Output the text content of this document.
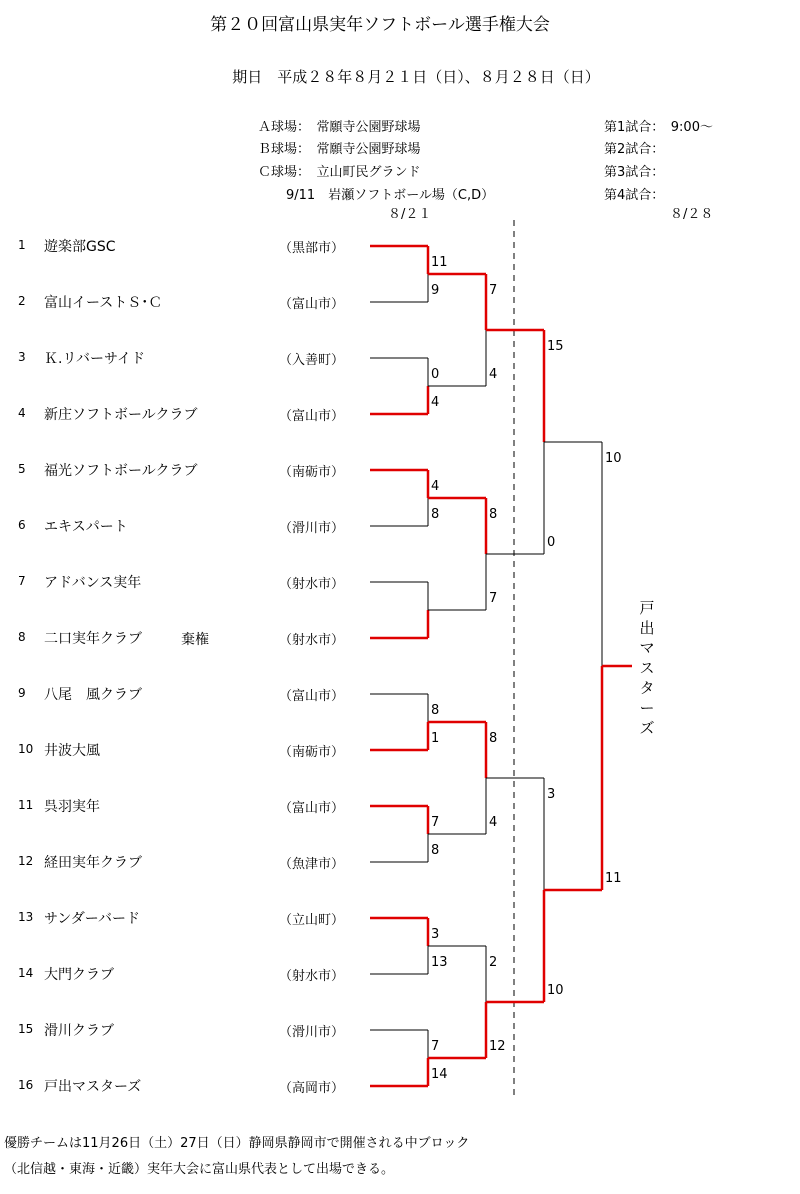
第２０回富山県実年ソフトボール選手権大会
期日　平成２８年８月２１日（日）、８月２８日（日）
Ａ球場：　常願寺公園野球場
Ｂ球場：　常願寺公園野球場
Ｃ球場：　立山町民グランド
9/11　岩瀬ソフトボール場（C,D）
第1試合：　9:00～
第2試合：
第3試合：
第4試合：
８/２１	８/２８
1 遊楽部GSC	（黒部市）
2 富山イーストＳ･Ｃ	（富山市）
3 Ｋ.リバーサイド	（入善町）
4 新庄ソフトボールクラブ	（富山市）
5 福光ソフトボールクラブ	（南砺市）
6 エキスパート	（滑川市）
7 アドバンス実年	（射水市）
8 二口実年クラブ	（射水市）
9 八尾　風クラブ	（富山市）
10 井波大風	（南砺市）
11 呉羽実年	（富山市）
12 経田実年クラブ	（魚津市）
13 サンダーバード	（立山町）
14 大門クラブ	（射水市）
15 滑川クラブ	（滑川市）
16 戸出マスターズ	（高岡市）
棄権
戸出マスターズ
11
9
0
4
4
8
8
1
7
8
3
13
7
14
7
4
8
7
8
4
2
12
15
0
3
10
10
11
優勝チームは11月26日（土）27日（日）静岡県静岡市で開催される中ブロック
（北信越・東海・近畿）実年大会に富山県代表として出場できる。
